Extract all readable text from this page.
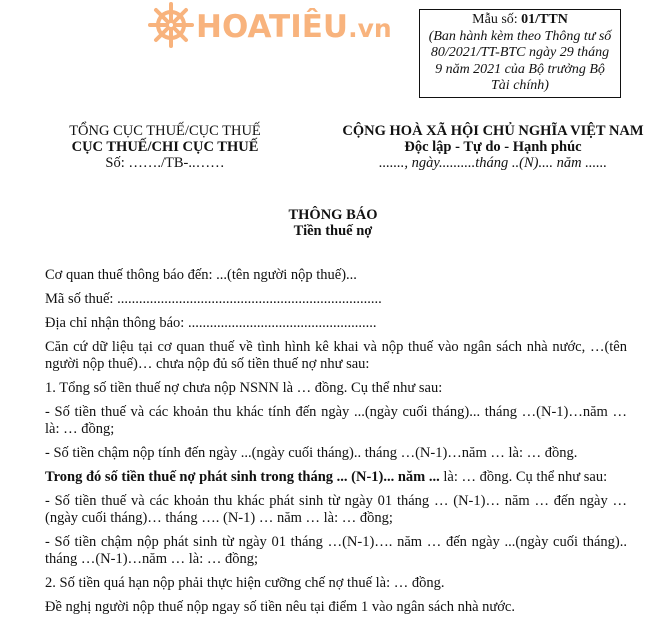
HOATIÊU.vn	Mẫu số: 01/TTN
(Ban hành kèm theo Thông tư số
80/2021/TT-BTC ngày 29 tháng
9 năm 2021 của Bộ trưởng Bộ
Tài chính)
TỔNG CỤC THUẾ/CỤC THUẾ
CỤC THUẾ/CHI CỤC THUẾ
Số: ……./TB-..……
CỘNG HOÀ XÃ HỘI CHỦ NGHĨA VIỆT NAM
Độc lập - Tự do - Hạnh phúc
......., ngày..........tháng ..(N).... năm ......
THÔNG BÁO
Tiền thuế nợ

Cơ quan thuế thông báo đến: ...(tên người nộp thuế)...

Mã số thuế: .........................................................................

Địa chỉ nhận thông báo: ....................................................

Căn cứ dữ liệu tại cơ quan thuế về tình hình kê khai và nộp thuế vào ngân sách nhà nước, …(tên người nộp thuế)… chưa nộp đủ số tiền thuế nợ như sau:

1. Tổng số tiền thuế nợ chưa nộp NSNN là … đồng. Cụ thể như sau:

- Số tiền thuế và các khoản thu khác tính đến ngày ...(ngày cuối tháng)... tháng …(N-1)…năm … là: … đồng;

- Số tiền chậm nộp tính đến ngày ...(ngày cuối tháng).. tháng …(N-1)…năm … là: … đồng.

Trong đó số tiền thuế nợ phát sinh trong tháng ... (N-1)... năm ... là: … đồng. Cụ thể như sau:

- Số tiền thuế và các khoản thu khác phát sinh từ ngày 01 tháng … (N-1)… năm … đến ngày …(ngày cuối tháng)… tháng …. (N-1) … năm … là: … đồng;

- Số tiền chậm nộp phát sinh từ ngày 01 tháng …(N-1)…. năm … đến ngày ...(ngày cuối tháng).. tháng …(N-1)…năm … là: … đồng;

2. Số tiền quá hạn nộp phải thực hiện cưỡng chế nợ thuế là: … đồng.

Đề nghị người nộp thuế nộp ngay số tiền nêu tại điểm 1 vào ngân sách nhà nước.
